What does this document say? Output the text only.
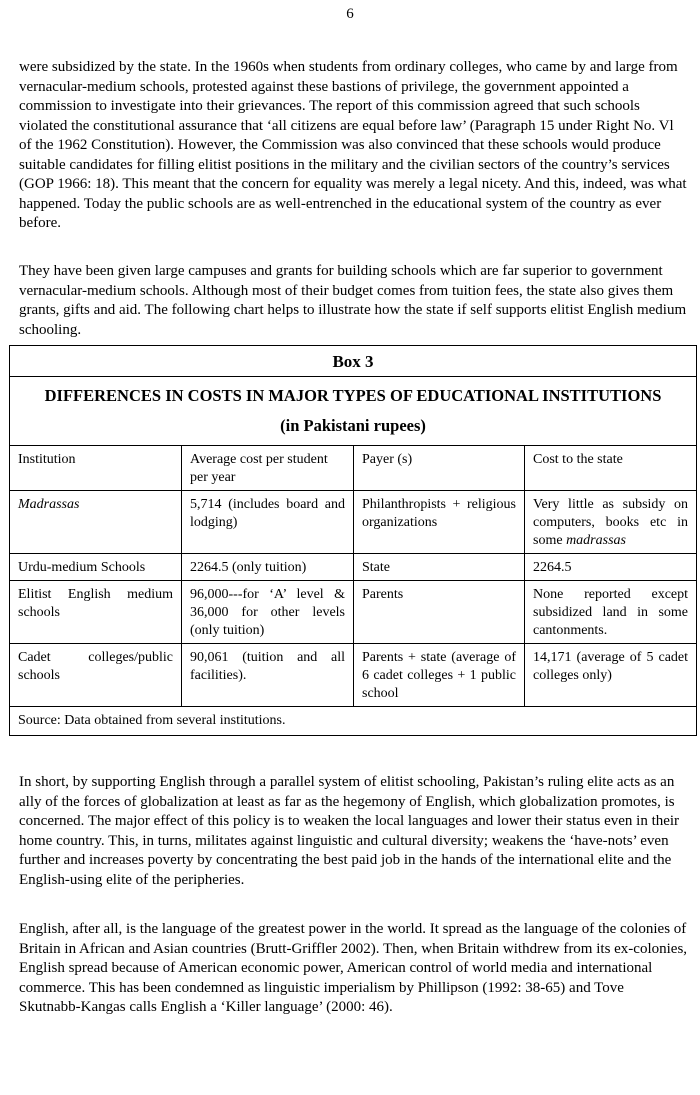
6

were subsidized by the state. In the 1960s when students from ordinary colleges, who came by and large from vernacular-medium schools, protested against these bastions of privilege, the government appointed a commission to investigate into their grievances. The report of this commission agreed that such schools violated the constitutional assurance that ‘all citizens are equal before law’ (Paragraph 15 under Right No. Vl of the 1962 Constitution). However, the Commission was also convinced that these schools would produce suitable candidates for filling elitist positions in the military and the civilian sectors of the country’s services (GOP 1966: 18). This meant that the concern for equality was merely a legal nicety. And this, indeed, was what happened. Today the public schools are as well-entrenched in the educational system of the country as ever before.

They have been given large campuses and grants for building schools which are far superior to government vernacular-medium schools. Although most of their budget comes from tuition fees, the state also gives them grants, gifts and aid. The following chart helps to illustrate how the state if self supports elitist English medium schooling.

Box 3			

DIFFERENCES IN COSTS IN MAJOR TYPES OF EDUCATIONAL INSTITUTIONS
(in Pakistani rupees)			

Institution	Average cost per student per year	Payer (s)	Cost to the state
Madrassas	5,714 (includes board and lodging)	Philanthropists + religious organizations	Very little as subsidy on computers, books etc in some madrassas
Urdu-medium Schools	2264.5 (only tuition)	State	2264.5
Elitist English medium schools	96,000---for ‘A’ level & 36,000 for other levels (only tuition)	Parents	None reported except subsidized land in some cantonments.
Cadet colleges/public schools	90,061 (tuition and all facilities).	Parents + state (average of 6 cadet colleges + 1 public school	14,171 (average of 5 cadet colleges only)
Source: Data obtained from several institutions.			

In short, by supporting English through a parallel system of elitist schooling, Pakistan’s ruling elite acts as an ally of the forces of globalization at least as far as the hegemony of English, which globalization promotes, is concerned. The major effect of this policy is to weaken the local languages and lower their status even in their home country. This, in turns, militates against linguistic and cultural diversity; weakens the ‘have-nots’ even further and increases poverty by concentrating the best paid job in the hands of the international elite and the English-using elite of the peripheries.

English, after all, is the language of the greatest power in the world. It spread as the language of the colonies of Britain in African and Asian countries (Brutt-Griffler 2002). Then, when Britain withdrew from its ex-colonies, English spread because of American economic power, American control of world media and international commerce. This has been condemned as linguistic imperialism by Phillipson (1992: 38-65) and Tove Skutnabb-Kangas calls English a ‘Killer language’ (2000: 46).
